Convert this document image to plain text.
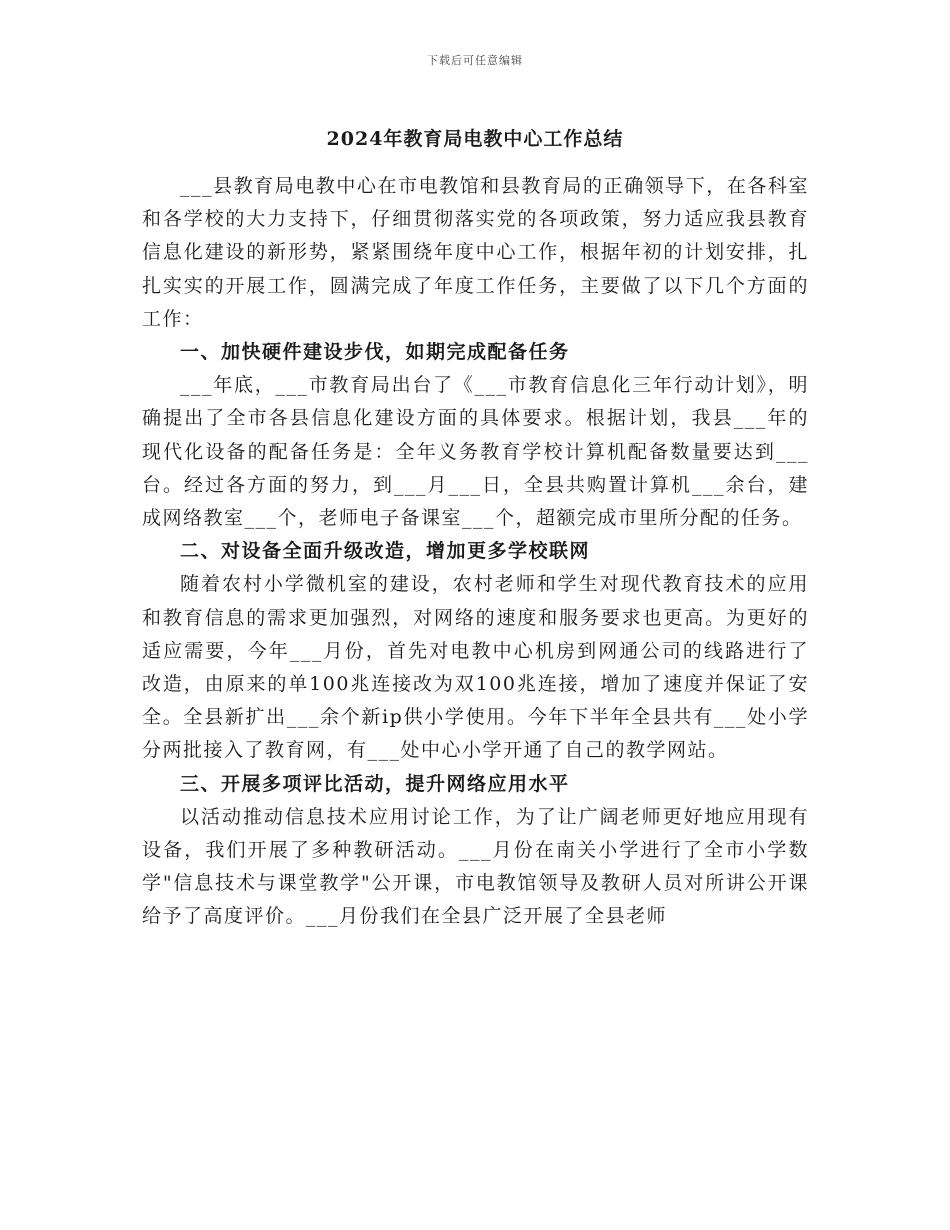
下载后可任意编辑
2024年教育局电教中心工作总结

___县教育局电教中心在市电教馆和县教育局的正确领导下，在各科室和各学校的大力支持下，仔细贯彻落实党的各项政策，努力适应我县教育信息化建设的新形势，紧紧围绕年度中心工作，根据年初的计划安排，扎扎实实的开展工作，圆满完成了年度工作任务，主要做了以下几个方面的工作：

一、加快硬件建设步伐，如期完成配备任务

___年底，___市教育局出台了《___市教育信息化三年行动计划》，明确提出了全市各县信息化建设方面的具体要求。根据计划，我县___年的现代化设备的配备任务是：全年义务教育学校计算机配备数量要达到___台。经过各方面的努力，到___月___日，全县共购置计算机___余台，建成网络教室___个，老师电子备课室___个，超额完成市里所分配的任务。

二、对设备全面升级改造，增加更多学校联网

随着农村小学微机室的建设，农村老师和学生对现代教育技术的应用和教育信息的需求更加强烈，对网络的速度和服务要求也更高。为更好的适应需要，今年___月份，首先对电教中心机房到网通公司的线路进行了改造，由原来的单100兆连接改为双100兆连接，增加了速度并保证了安全。全县新扩出___余个新ip供小学使用。今年下半年全县共有___处小学分两批接入了教育网，有___处中心小学开通了自己的教学网站。

三、开展多项评比活动，提升网络应用水平

以活动推动信息技术应用讨论工作，为了让广阔老师更好地应用现有设备，我们开展了多种教研活动。___月份在南关小学进行了全市小学数学"信息技术与课堂教学"公开课，市电教馆领导及教研人员对所讲公开课给予了高度评价。___月份我们在全县广泛开展了全县老师
